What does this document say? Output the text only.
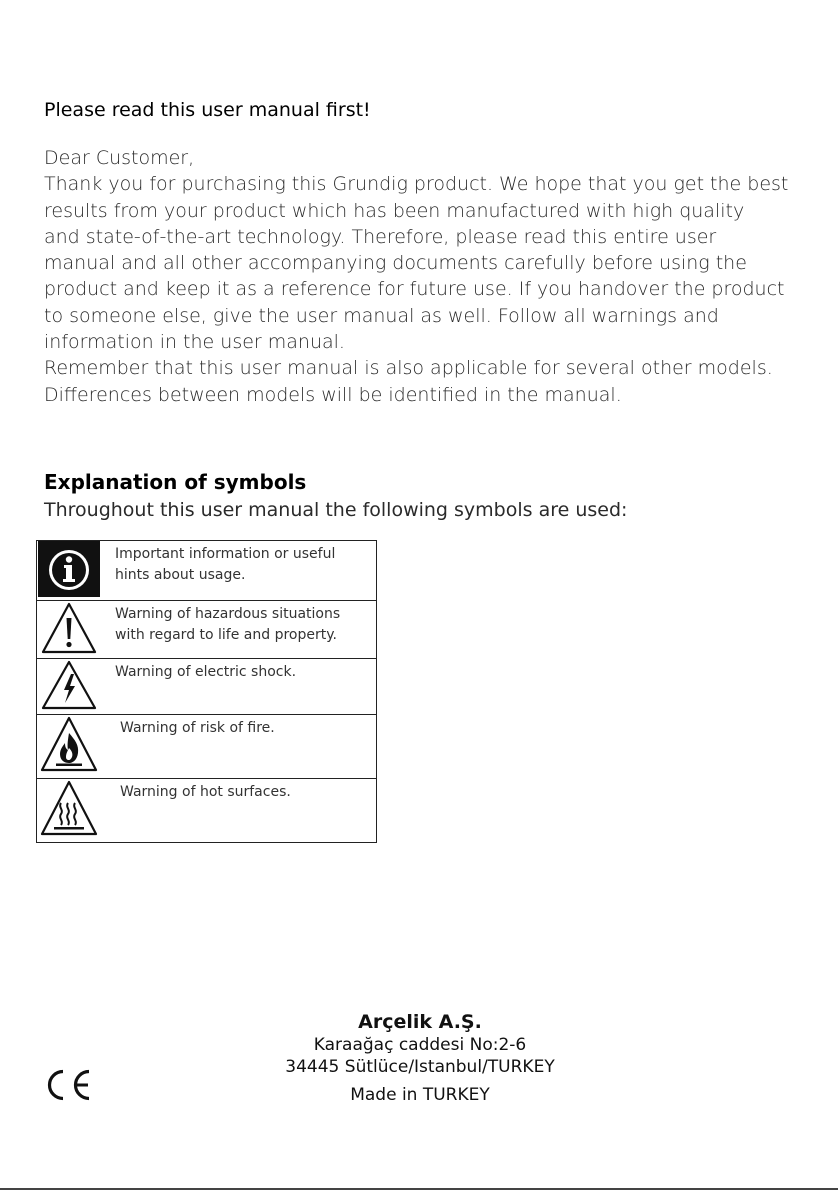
Please read this user manual first!

Dear Customer,

Thank you for purchasing this Grundig product. We hope that you get the best

results from your product which has been manufactured with high quality

and state-of-the-art technology. Therefore, please read this entire user

manual and all other accompanying documents carefully before using the

product and keep it as a reference for future use. If you handover the product

to someone else, give the user manual as well. Follow all warnings and

information in the user manual.

Remember that this user manual is also applicable for several other models.

Differences between models will be identified in the manual.

Explanation of symbols

Throughout this user manual the following symbols are used:

Important information or useful
hints about usage.

Warning of hazardous situations
with regard to life and property.

Warning of electric shock.

Warning of risk of fire.

Warning of hot surfaces.
Arçelik A.Ş.
Karaağaç caddesi No:2-6
34445 Sütlüce/Istanbul/TURKEY
Made in TURKEY
